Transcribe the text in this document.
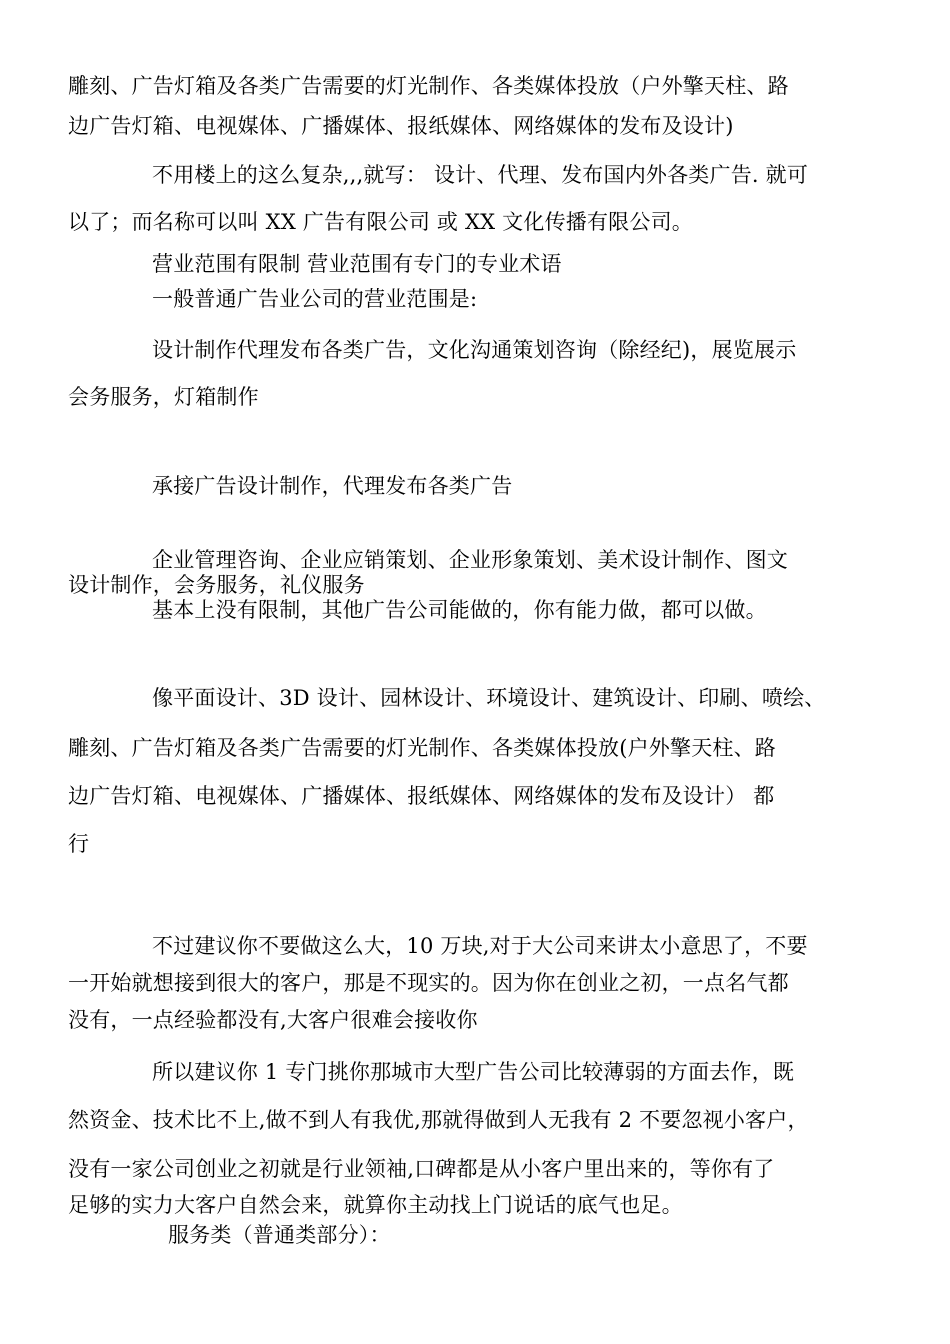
雕刻、广告灯箱及各类广告需要的灯光制作、各类媒体投放（户外擎天柱、路
边广告灯箱、电视媒体、广播媒体、报纸媒体、网络媒体的发布及设计)
不用楼上的这么复杂,,,就写： 设计、代理、发布国内外各类广告. 就可
以了；而名称可以叫 XX 广告有限公司 或 XX 文化传播有限公司。
营业范围有限制 营业范围有专门的专业术语
一般普通广告业公司的营业范围是:
设计制作代理发布各类广告，文化沟通策划咨询（除经纪)，展览展示
会务服务，灯箱制作
承接广告设计制作，代理发布各类广告
企业管理咨询、企业应销策划、企业形象策划、美术设计制作、图文
设计制作，会务服务，礼仪服务
基本上没有限制，其他广告公司能做的，你有能力做，都可以做。
像平面设计、3D 设计、园林设计、环境设计、建筑设计、印刷、喷绘、
雕刻、广告灯箱及各类广告需要的灯光制作、各类媒体投放(户外擎天柱、路
边广告灯箱、电视媒体、广播媒体、报纸媒体、网络媒体的发布及设计） 都
行
不过建议你不要做这么大，10 万块,对于大公司来讲太小意思了，不要
一开始就想接到很大的客户，那是不现实的。因为你在创业之初，一点名气都
没有，一点经验都没有,大客户很难会接收你
所以建议你 1 专门挑你那城市大型广告公司比较薄弱的方面去作，既
然资金、技术比不上,做不到人有我优,那就得做到人无我有 2 不要忽视小客户，
没有一家公司创业之初就是行业领袖,口碑都是从小客户里出来的，等你有了
足够的实力大客户自然会来，就算你主动找上门说话的底气也足。
服务类（普通类部分）：
